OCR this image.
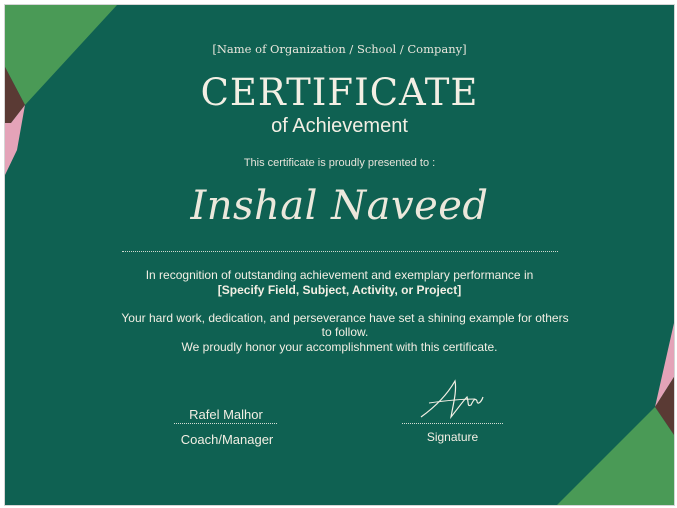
[Name of Organization / School / Company]
CERTIFICATE
of Achievement
This certificate is proudly presented to :
Inshal Naveed
In recognition of outstanding achievement and exemplary performance in
[Specify Field, Subject, Activity, or Project]
Your hard work, dedication, and perseverance have set a shining example for others to follow.
We proudly honor your accomplishment with this certificate.
Rafel Malhor
Coach/Manager	Signature
